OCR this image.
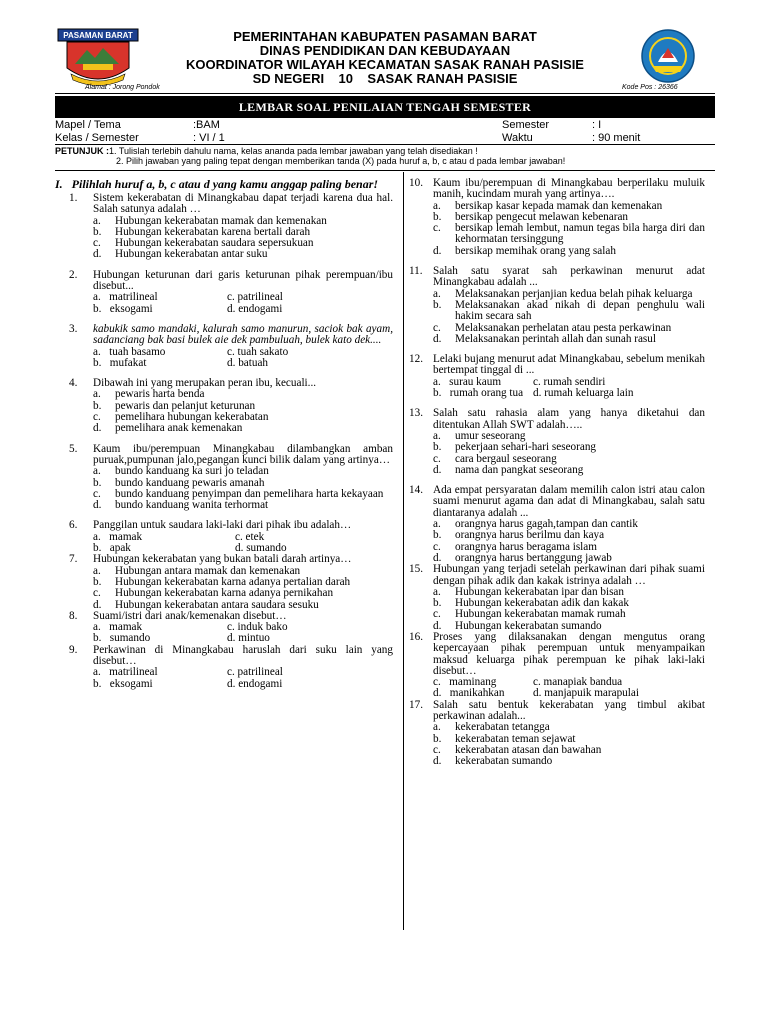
PASAMAN BARAT	PEMERINTAHAN KABUPATEN PASAMAN BARAT
DINAS PENDIDIKAN DAN KEBUDAYAAN
KOORDINATOR WILAYAH KECAMATAN SASAK RANAH PASISIE
SD NEGERI    10    SASAK RANAH PASISIE
Alamat : Jorong Pondok	Kode Pos : 26366
LEMBAR SOAL PENILAIAN TENGAH SEMESTER
Mapel / Tema	:BAM	Semester	: I
Kelas / Semester	: VI / 1	Waktu	: 90 menit
PETUNJUK :1. Tulislah terlebih dahulu nama, kelas ananda pada lembar jawaban yang telah disediakan !
2. Pilih jawaban yang paling tepat dengan memberikan tanda (X) pada huruf a, b, c atau d pada lembar jawaban!
I. Pilihlah huruf a, b, c atau d yang kamu anggap paling benar!
1. Sistem kekerabatan di Minangkabau dapat terjadi karena dua hal. Salah satunya adalah …
a. Hubungan kekerabatan mamak dan kemenakan
b. Hubungan kekerabatan karena bertali darah
c. Hubungan kekerabatan saudara sepersukuan
d. Hubungan kekerabatan antar suku
2. Hubungan keturunan dari garis keturunan pihak perempuan/ibu disebut...
a. matrilineal	c. patrilineal
b. eksogami	d. endogami
3. kabukik samo mandaki, kalurah samo manurun, saciok bak ayam, sadanciang bak basi bulek aie dek pambuluah, bulek kato dek....
a. tuah basamo	c. tuah sakato
b. mufakat	d. batuah
4. Dibawah ini yang merupakan peran ibu, kecuali...
a. pewaris harta benda
b. pewaris dan pelanjut keturunan
c. pemelihara hubungan kekerabatan
d. pemelihara anak kemenakan
5. Kaum ibu/perempuan Minangkabau dilambangkan amban puruak,pumpunan jalo,pegangan kunci bilik dalam yang artinya…
a. bundo kanduang ka suri jo teladan
b. bundo kanduang pewaris amanah
c. bundo kanduang penyimpan dan pemelihara harta kekayaan
d. bundo kanduang wanita terhormat
6. Panggilan untuk saudara laki-laki dari pihak ibu adalah…
a. mamak	c. etek
b. apak	d. sumando
7. Hubungan kekerabatan yang bukan batali darah artinya…
a. Hubungan antara mamak dan kemenakan
b. Hubungan kekerabatan karna adanya pertalian darah
c. Hubungan kekerabatan karna adanya pernikahan
d. Hubungan kekerabatan antara saudara sesuku
8. Suami/istri dari anak/kemenakan disebut…
a. mamak	c. induk bako
b. sumando	d. mintuo
9. Perkawinan di Minangkabau haruslah dari suku lain yang disebut…
a. matrilineal	c. patrilineal
b. eksogami	d. endogami
10. Kaum ibu/perempuan di Minangkabau berperilaku muluik manih, kucindam murah yang artinya….
a. bersikap kasar kepada mamak dan kemenakan
b. bersikap pengecut melawan kebenaran
c. bersikap lemah lembut, namun tegas bila harga diri dan kehormatan tersinggung
d. bersikap memihak orang yang salah
11. Salah satu syarat sah perkawinan menurut adat Minangkabau adalah ...
a. Melaksanakan perjanjian kedua belah pihak keluarga
b. Melaksanakan akad nikah di depan penghulu wali hakim secara sah
c. Melaksanakan perhelatan atau pesta perkawinan
d. Melaksanakan perintah allah dan sunah rasul
12. Lelaki bujang menurut adat Minangkabau, sebelum menikah bertempat tinggal di ...
a. surau kaum	c. rumah sendiri
b. rumah orang tua d. rumah keluarga lain
13. Salah satu rahasia alam yang hanya diketahui dan ditentukan Allah SWT adalah…..
a. umur seseorang
b. pekerjaan sehari-hari seseorang
c. cara bergaul seseorang
d. nama dan pangkat seseorang
14. Ada empat persyaratan dalam memilih calon istri atau calon suami menurut agama dan adat di Minangkabau, salah satu diantaranya adalah ...
a. orangnya harus gagah,tampan dan cantik
b. orangnya harus berilmu dan kaya
c. orangnya harus beragama islam
d. orangnya harus bertanggung jawab
15. Hubungan yang terjadi setelah perkawinan dari pihak suami dengan pihak adik dan kakak istrinya adalah …
a. Hubungan kekerabatan ipar dan bisan
b. Hubungan kekerabatan adik dan kakak
c. Hubungan kekerabatan mamak rumah
d. Hubungan kekerabatan sumando
16. Proses yang dilaksanakan dengan mengutus orang kepercayaan pihak perempuan untuk menyampaikan maksud keluarga pihak perempuan ke pihak laki-laki disebut…
c. maminang	c. manapiak bandua
d. manikahkan	d. manjapuik marapulai
17. Salah satu bentuk kekerabatan yang timbul akibat perkawinan adalah...
a. kekerabatan tetangga
b. kekerabatan teman sejawat
c. kekerabatan atasan dan bawahan
d. kekerabatan sumando
